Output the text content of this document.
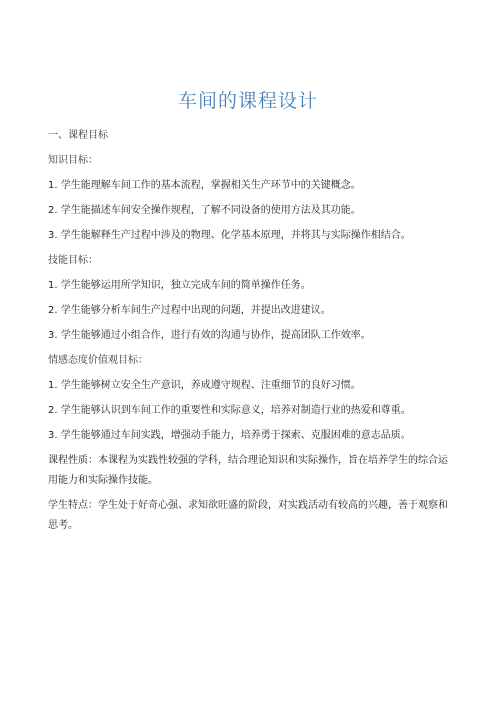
车间的课程设计
一、课程目标
知识目标：
1. 学生能理解车间工作的基本流程，掌握相关生产环节中的关键概念。
2. 学生能描述车间安全操作规程，了解不同设备的使用方法及其功能。
3. 学生能解释生产过程中涉及的物理、化学基本原理，并将其与实际操作相结合。
技能目标：
1. 学生能够运用所学知识，独立完成车间的简单操作任务。
2. 学生能够分析车间生产过程中出现的问题，并提出改进建议。
3. 学生能够通过小组合作，进行有效的沟通与协作，提高团队工作效率。
情感态度价值观目标：
1. 学生能够树立安全生产意识，养成遵守规程、注重细节的良好习惯。
2. 学生能够认识到车间工作的重要性和实际意义，培养对制造行业的热爱和尊重。
3. 学生能够通过车间实践，增强动手能力，培养勇于探索、克服困难的意志品质。
课程性质：本课程为实践性较强的学科，结合理论知识和实际操作，旨在培养学生的综合运用能力和实际操作技能。
学生特点：学生处于好奇心强、求知欲旺盛的阶段，对实践活动有较高的兴趣，善于观察和思考。
